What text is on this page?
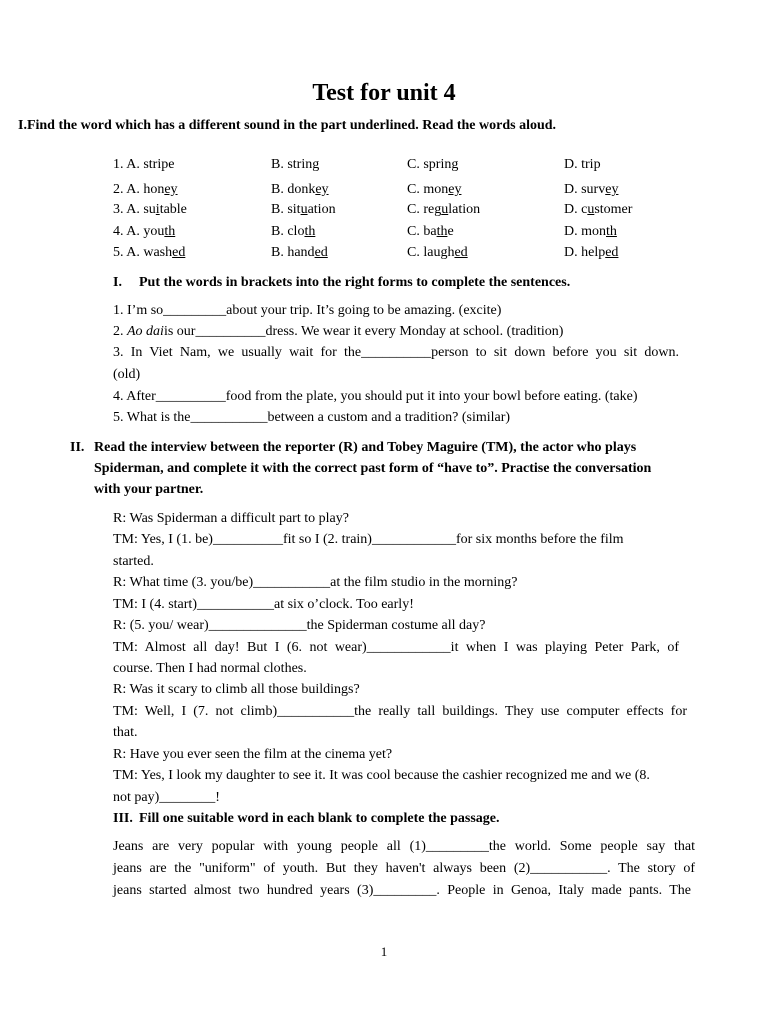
Test for unit 4
I.Find the word which has a different sound in the part underlined. Read the words aloud.
1. A. stripe	B. string	C. spring	D. trip
2. A. honey	B. donkey	C. money	D. survey
3. A. suitable	B. situation	C. regulation	D. customer
4. A. youth	B. cloth	C. bathe	D. month
5. A. washed	B. handed	C. laughed	D. helped
I. Put the words in brackets into the right forms to complete the sentences.
1. I’m so_________about your trip. It’s going to be amazing. (excite)
2. Ao daiis our__________dress. We wear it every Monday at school. (tradition)
3. In Viet Nam, we usually wait for the__________person to sit down before you sit down.
(old)
4. After__________food from the plate, you should put it into your bowl before eating. (take)
5. What is the___________between a custom and a tradition? (similar)
II. Read the interview between the reporter (R) and Tobey Maguire (TM), the actor who plays
Spiderman, and complete it with the correct past form of “have to”. Practise the conversation
with your partner.
R: Was Spiderman a difficult part to play?
TM: Yes, I (1. be)__________fit so I (2. train)____________for six months before the film
started.
R: What time (3. you/be)___________at the film studio in the morning?
TM: I (4. start)___________at six o’clock. Too early!
R: (5. you/ wear)______________the Spiderman costume all day?
TM: Almost all day! But I (6. not wear)____________it when I was playing Peter Park, of
course. Then I had normal clothes.
R: Was it scary to climb all those buildings?
TM: Well, I (7. not climb)___________the really tall buildings. They use computer effects for
that.
R: Have you ever seen the film at the cinema yet?
TM: Yes, I look my daughter to see it. It was cool because the cashier recognized me and we (8.
not pay)________!
III. Fill one suitable word in each blank to complete the passage.
Jeans are very popular with young people all (1)_________the world. Some people say that
jeans are the "uniform" of youth. But they haven't always been (2)___________. The story of
jeans started almost two hundred years (3)_________. People in Genoa, Italy made pants. The
1
